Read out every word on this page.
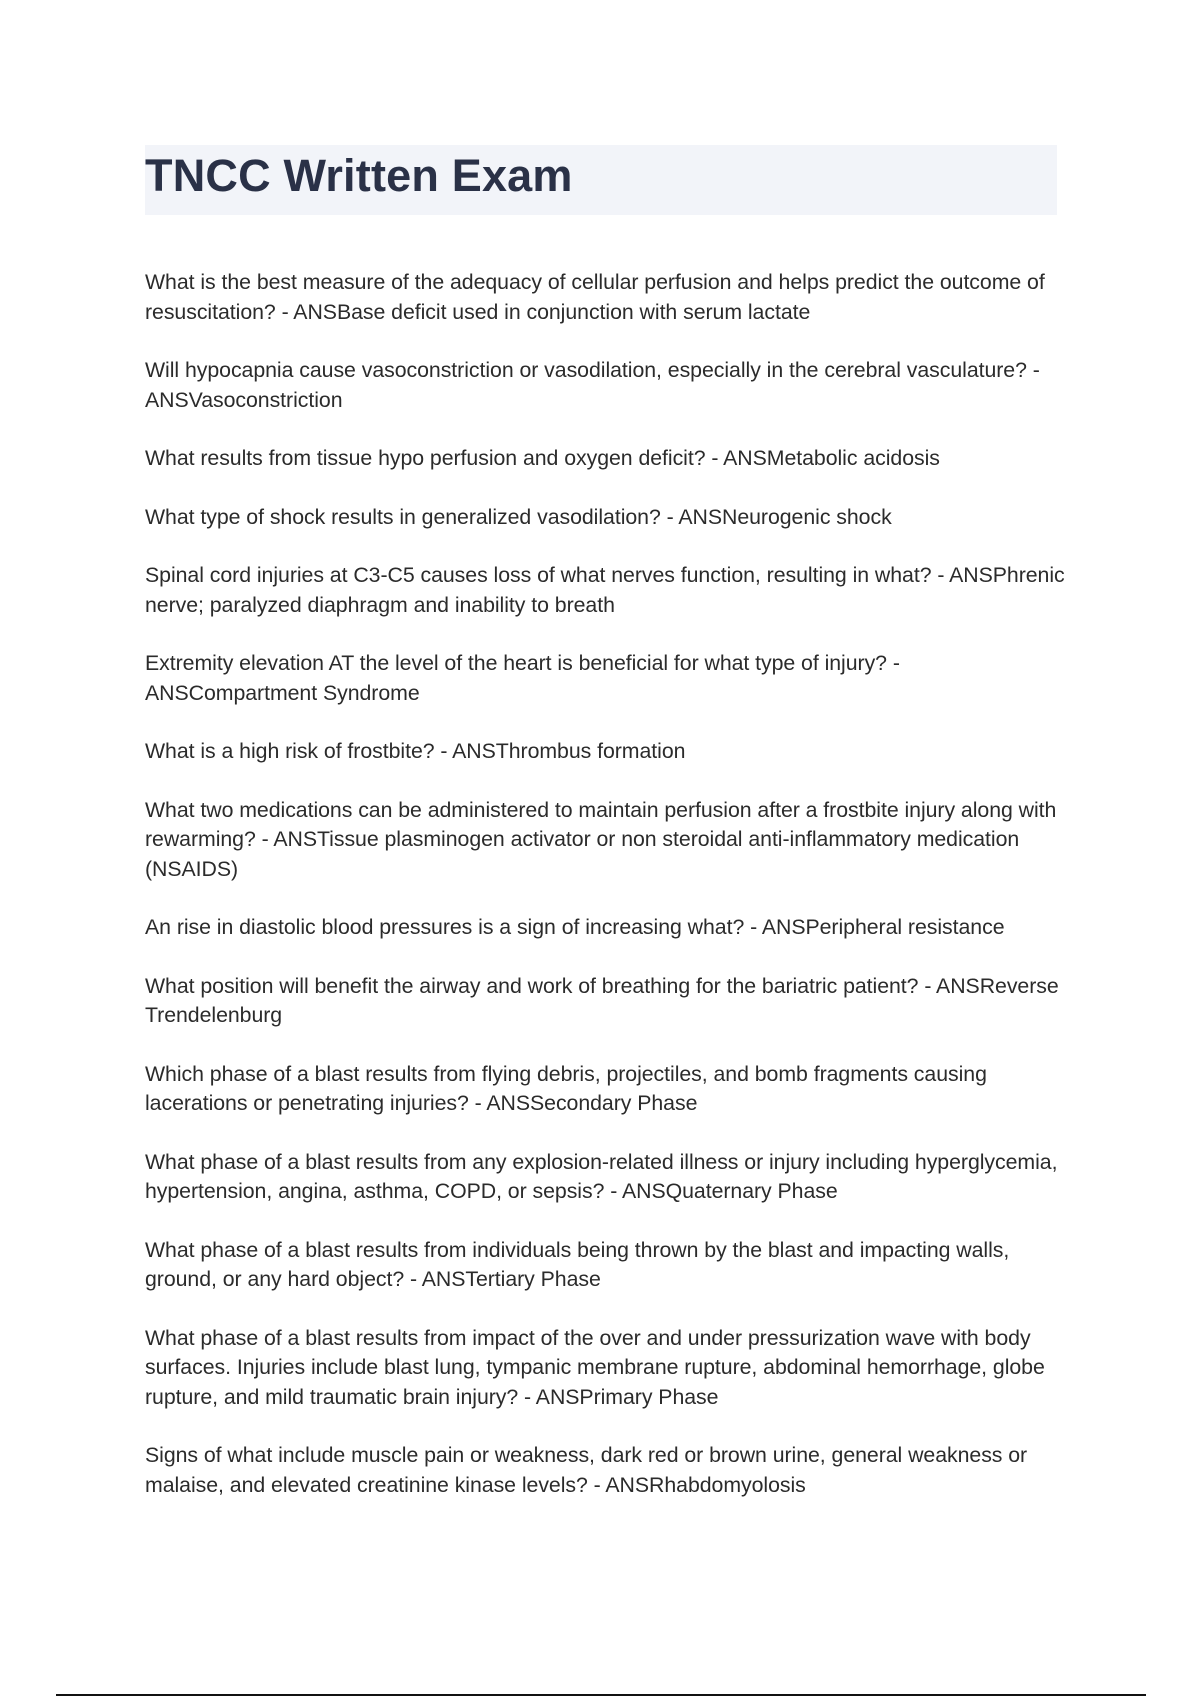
TNCC Written Exam
What is the best measure of the adequacy of cellular perfusion and helps predict the outcome of resuscitation? - ANSBase deficit used in conjunction with serum lactate
Will hypocapnia cause vasoconstriction or vasodilation, especially in the cerebral vasculature? - ANSVasoconstriction
What results from tissue hypo perfusion and oxygen deficit? - ANSMetabolic acidosis
What type of shock results in generalized vasodilation? - ANSNeurogenic shock
Spinal cord injuries at C3-C5 causes loss of what nerves function, resulting in what? - ANSPhrenic nerve; paralyzed diaphragm and inability to breath
Extremity elevation AT the level of the heart is beneficial for what type of injury? - ANSCompartment Syndrome
What is a high risk of frostbite? - ANSThrombus formation
What two medications can be administered to maintain perfusion after a frostbite injury along with rewarming? - ANSTissue plasminogen activator or non steroidal anti-inflammatory medication (NSAIDS)
An rise in diastolic blood pressures is a sign of increasing what? - ANSPeripheral resistance
What position will benefit the airway and work of breathing for the bariatric patient? - ANSReverse Trendelenburg
Which phase of a blast results from flying debris, projectiles, and bomb fragments causing lacerations or penetrating injuries? - ANSSecondary Phase
What phase of a blast results from any explosion-related illness or injury including hyperglycemia, hypertension, angina, asthma, COPD, or sepsis? - ANSQuaternary Phase
What phase of a blast results from individuals being thrown by the blast and impacting walls, ground, or any hard object? - ANSTertiary Phase
What phase of a blast results from impact of the over and under pressurization wave with body surfaces. Injuries include blast lung, tympanic membrane rupture, abdominal hemorrhage, globe rupture, and mild traumatic brain injury? - ANSPrimary Phase
Signs of what include muscle pain or weakness, dark red or brown urine, general weakness or malaise, and elevated creatinine kinase levels? - ANSRhabdomyolosis
